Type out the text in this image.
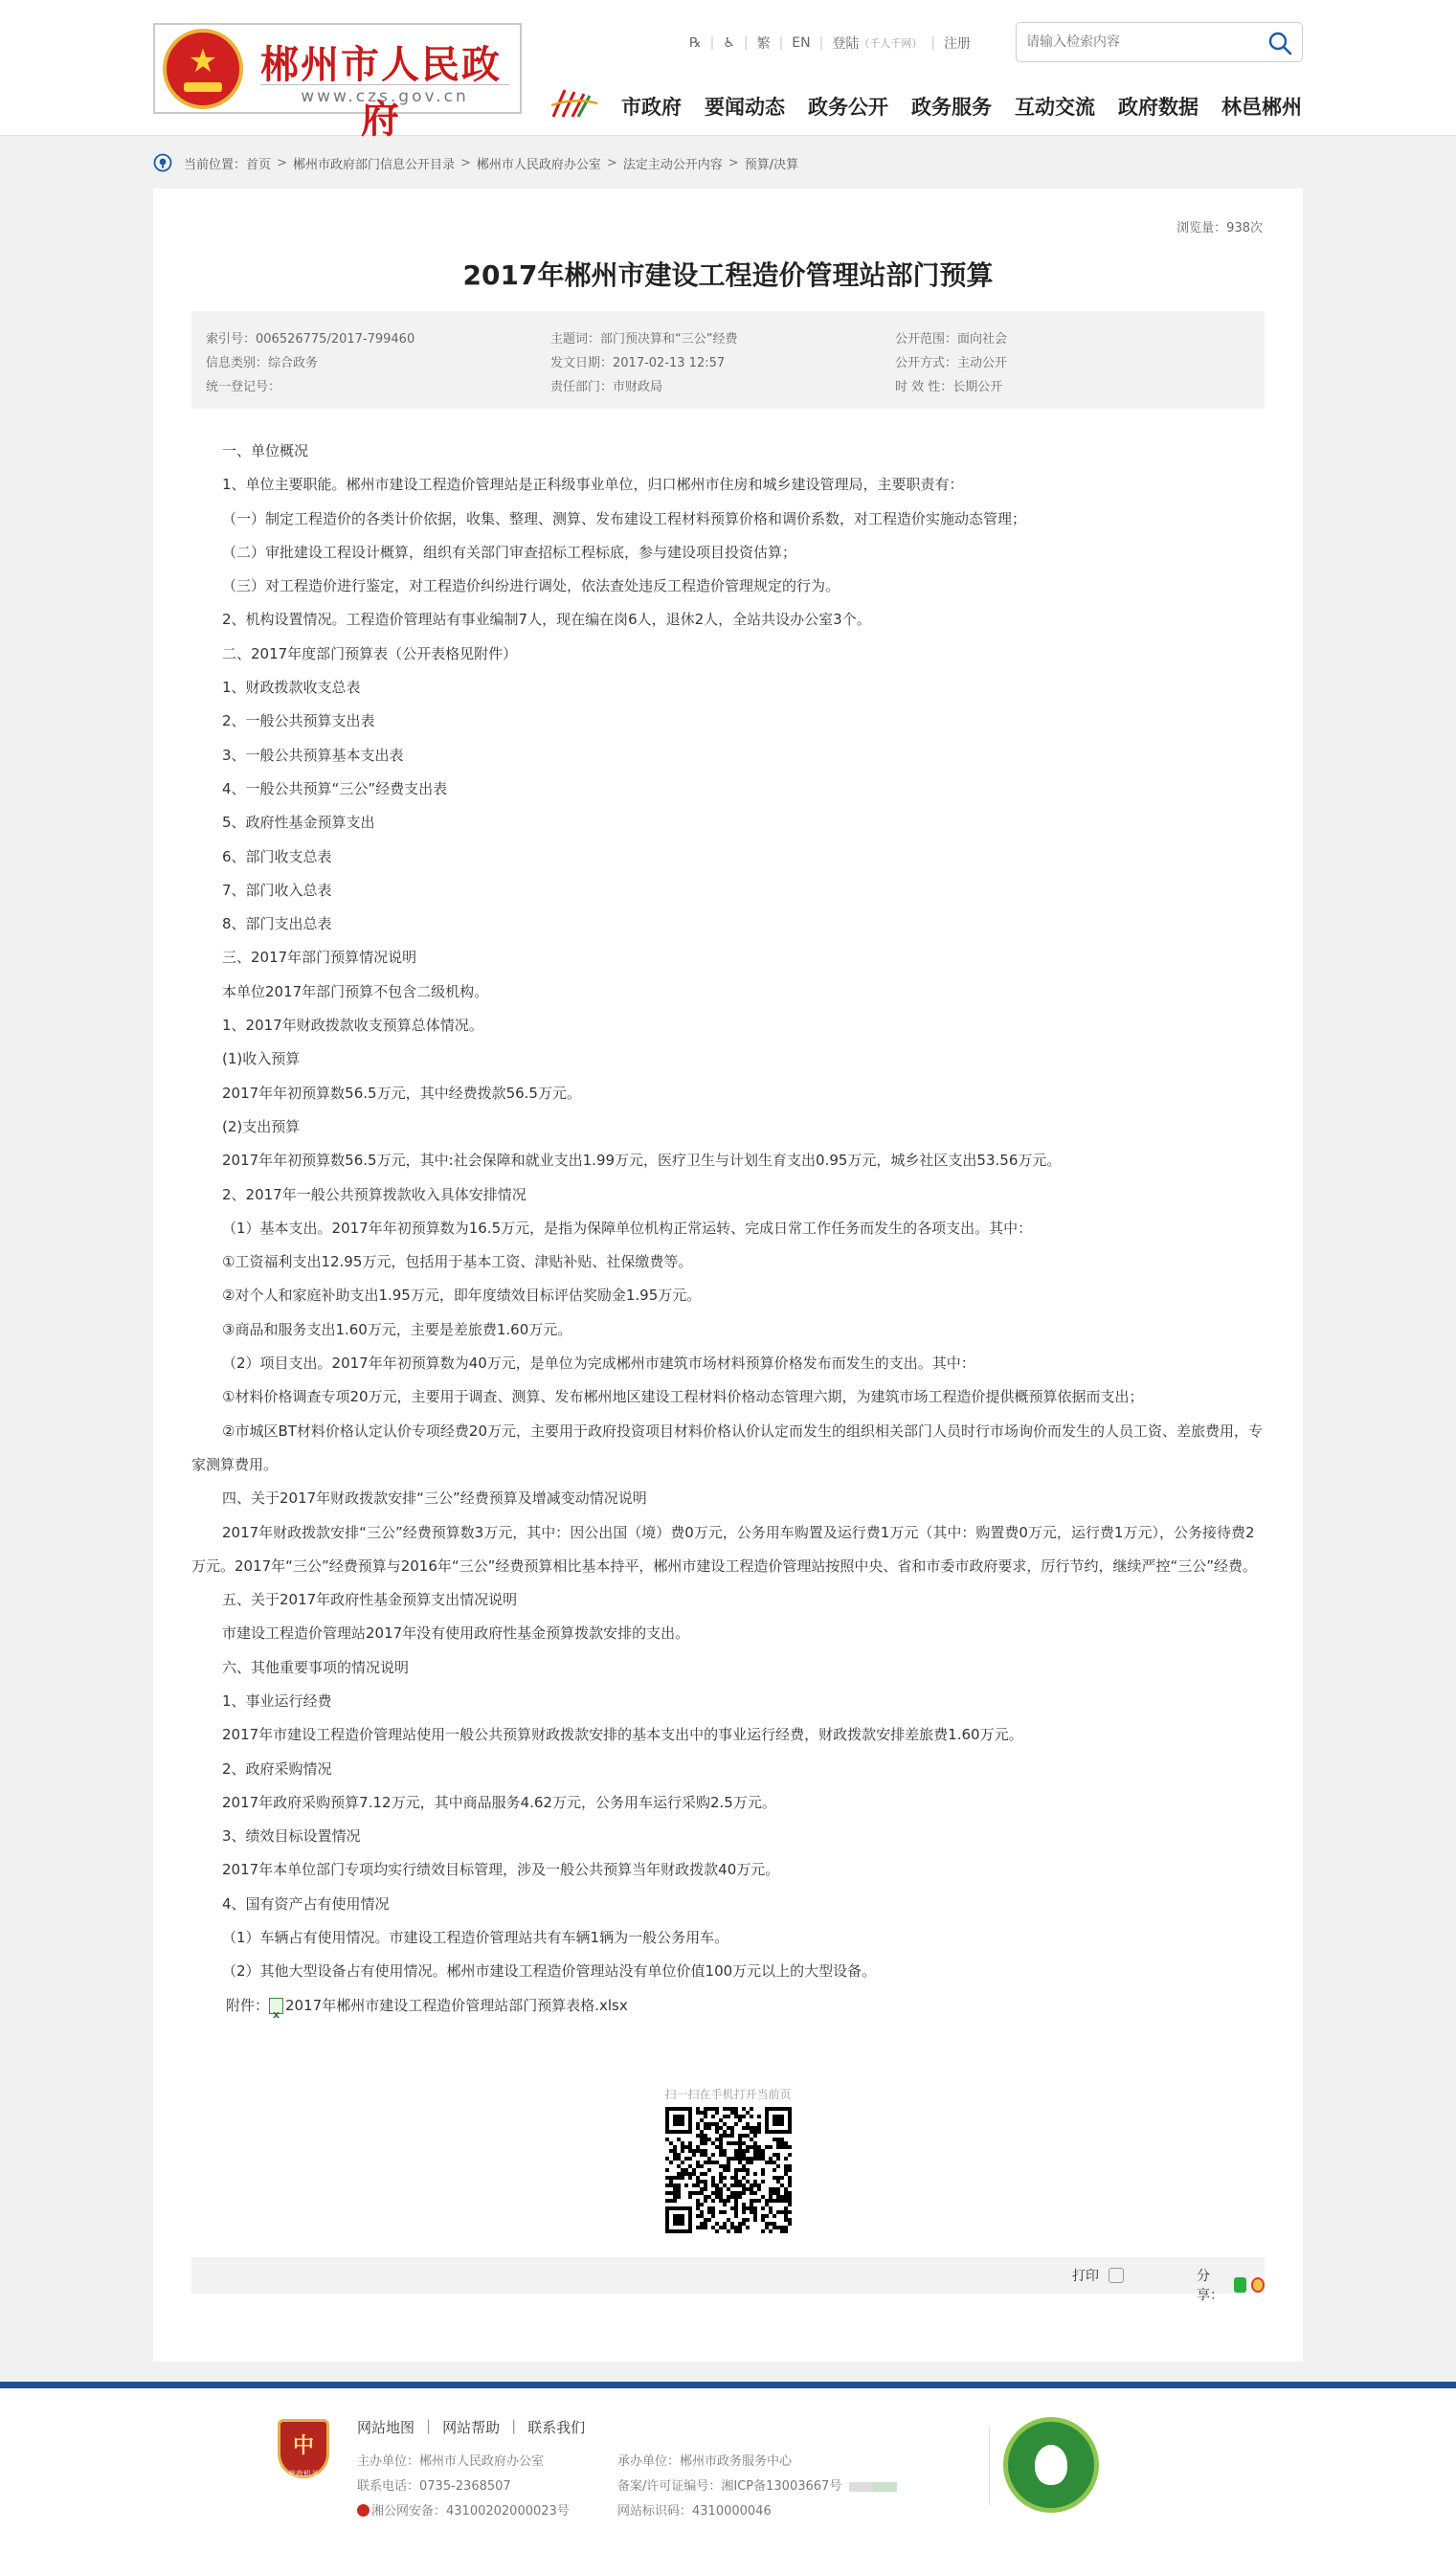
★
郴州市人民政府
www.czs.gov.cn
℞ | ♿ | 繁 | EN | 登陆 （千人千网） | 注册
请输入检索内容
市政府 要闻动态 政务公开 政务服务 互动交流 政府数据 林邑郴州
当前位置： 首页 > 郴州市政府部门信息公开目录 > 郴州市人民政府办公室 > 法定主动公开内容 > 预算/决算
浏览量：938次
2017年郴州市建设工程造价管理站部门预算
索引号：006526775/2017-799460	主题词：部门预决算和“三公”经费	公开范围：面向社会
信息类别：综合政务	发文日期：2017-02-13 12:57	公开方式：主动公开
统一登记号：	责任部门：市财政局	时 效 性：长期公开

一、单位概况

1、单位主要职能。郴州市建设工程造价管理站是正科级事业单位，归口郴州市住房和城乡建设管理局，主要职责有：

（一）制定工程造价的各类计价依据，收集、整理、测算、发布建设工程材料预算价格和调价系数，对工程造价实施动态管理；

（二）审批建设工程设计概算，组织有关部门审查招标工程标底，参与建设项目投资估算；

（三）对工程造价进行鉴定，对工程造价纠纷进行调处，依法查处违反工程造价管理规定的行为。

2、机构设置情况。工程造价管理站有事业编制7人，现在编在岗6人，退休2人，全站共设办公室3个。

二、2017年度部门预算表（公开表格见附件）

1、财政拨款收支总表

2、一般公共预算支出表

3、一般公共预算基本支出表

4、一般公共预算“三公”经费支出表

5、政府性基金预算支出

6、部门收支总表

7、部门收入总表

8、部门支出总表

三、2017年部门预算情况说明

本单位2017年部门预算不包含二级机构。

1、2017年财政拨款收支预算总体情况。

(1)收入预算

2017年年初预算数56.5万元，其中经费拨款56.5万元。

(2)支出预算

2017年年初预算数56.5万元，其中:社会保障和就业支出1.99万元，医疗卫生与计划生育支出0.95万元，城乡社区支出53.56万元。

2、2017年一般公共预算拨款收入具体安排情况

（1）基本支出。2017年年初预算数为16.5万元，是指为保障单位机构正常运转、完成日常工作任务而发生的各项支出。其中：

①工资福利支出12.95万元，包括用于基本工资、津贴补贴、社保缴费等。

②对个人和家庭补助支出1.95万元，即年度绩效目标评估奖励金1.95万元。

③商品和服务支出1.60万元，主要是差旅费1.60万元。

（2）项目支出。2017年年初预算数为40万元，是单位为完成郴州市建筑市场材料预算价格发布而发生的支出。其中：

①材料价格调查专项20万元，主要用于调查、测算、发布郴州地区建设工程材料价格动态管理六期，为建筑市场工程造价提供概预算依据而支出；

②市城区BT材料价格认定认价专项经费20万元，主要用于政府投资项目材料价格认价认定而发生的组织相关部门人员时行市场询价而发生的人员工资、差旅费用，专家测算费用。

四、关于2017年财政拨款安排“三公”经费预算及增减变动情况说明

2017年财政拨款安排“三公”经费预算数3万元，其中：因公出国（境）费0万元，公务用车购置及运行费1万元（其中：购置费0万元，运行费1万元），公务接待费2万元。2017年“三公”经费预算与2016年“三公”经费预算相比基本持平，郴州市建设工程造价管理站按照中央、省和市委市政府要求，厉行节约，继续严控“三公”经费。

五、关于2017年政府性基金预算支出情况说明

市建设工程造价管理站2017年没有使用政府性基金预算拨款安排的支出。

六、其他重要事项的情况说明

1、事业运行经费

2017年市建设工程造价管理站使用一般公共预算财政拨款安排的基本支出中的事业运行经费，财政拨款安排差旅费1.60万元。

2、政府采购情况

2017年政府采购预算7.12万元，其中商品服务4.62万元，公务用车运行采购2.5万元。

3、绩效目标设置情况

2017年本单位部门专项均实行绩效目标管理，涉及一般公共预算当年财政拨款40万元。

4、国有资产占有使用情况

（1）车辆占有使用情况。市建设工程造价管理站共有车辆1辆为一般公务用车。

（2）其他大型设备占有使用情况。郴州市建设工程造价管理站没有单位价值100万元以上的大型设备。

附件：
x 2017年郴州市建设工程造价管理站部门预算表格.xlsx
扫一扫在手机打开当前页
打印	分享：
中
党政机关
网站地图 | 网站帮助 | 联系我们
主办单位：郴州市人民政府办公室	承办单位：郴州市政务服务中心
联系电话：0735-2368507	备案/许可证编号：湘ICP备13003667号
湘公网安备：43100202000023号	网站标识码：4310000046
